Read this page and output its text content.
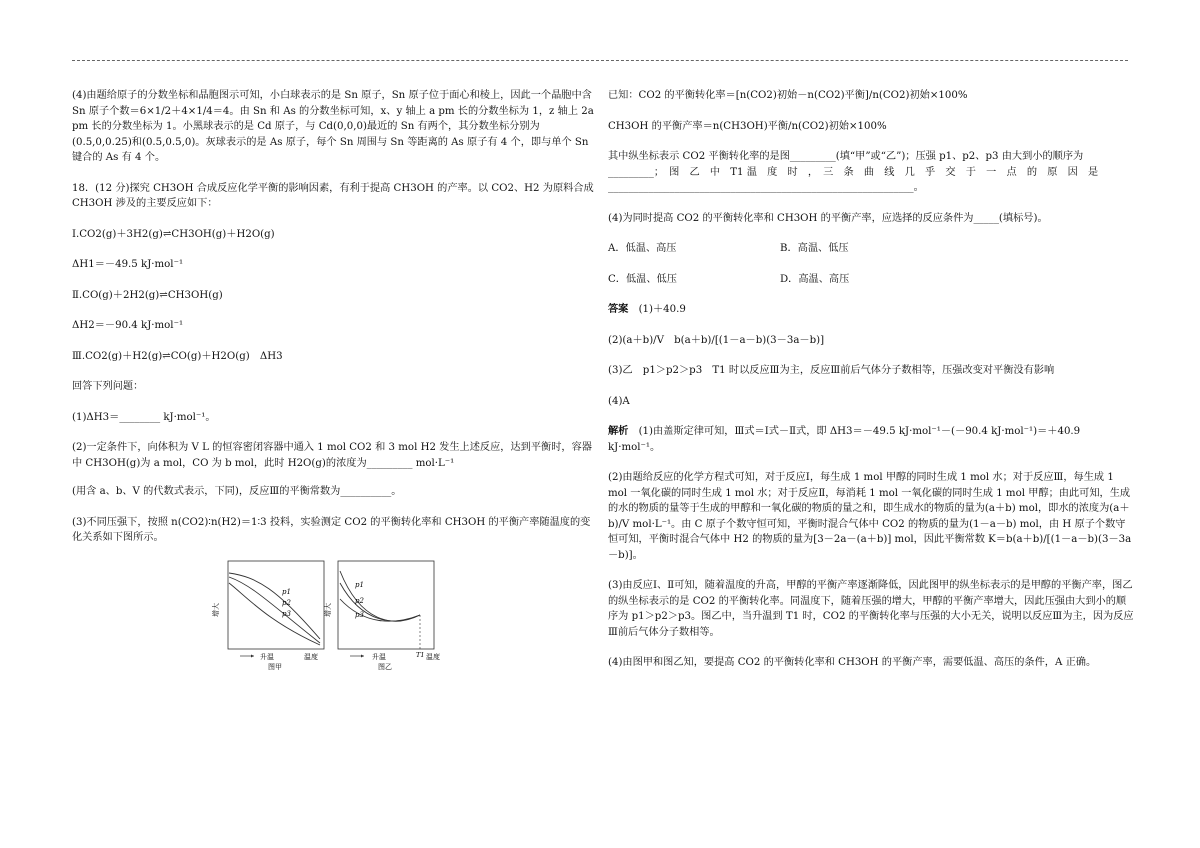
(4)由题给原子的分数坐标和晶胞图示可知，小白球表示的是 Sn 原子，Sn 原子位于面心和棱上，因此一个晶胞中含 Sn 原子个数＝6×1/2＋4×1/4＝4。由 Sn 和 As 的分数坐标可知，x、y 轴上 a pm 长的分数坐标为 1，z 轴上 2a pm 长的分数坐标为 1。小黑球表示的是 Cd 原子，与 Cd(0,0,0)最近的 Sn 有两个，其分数坐标分别为(0.5,0,0.25)和(0.5,0.5,0)。灰球表示的是 As 原子，每个 Sn 周围与 Sn 等距离的 As 原子有 4 个，即与单个 Sn 键合的 As 有 4 个。

18．(12 分)探究 CH3OH 合成反应化学平衡的影响因素，有利于提高 CH3OH 的产率。以 CO2、H2 为原料合成 CH3OH 涉及的主要反应如下：

Ⅰ.CO2(g)＋3H2(g)⇌CH3OH(g)＋H2O(g)

ΔH1＝－49.5 kJ·mol⁻¹

Ⅱ.CO(g)＋2H2(g)⇌CH3OH(g)

ΔH2＝－90.4 kJ·mol⁻¹

Ⅲ.CO2(g)＋H2(g)⇌CO(g)＋H2O(g)　ΔH3

回答下列问题：

(1)ΔH3＝________ kJ·mol⁻¹。

(2)一定条件下，向体积为 V L 的恒容密闭容器中通入 1 mol CO2 和 3 mol H2 发生上述反应，达到平衡时，容器中 CH3OH(g)为 a mol，CO 为 b mol，此时 H2O(g)的浓度为_________ mol·L⁻¹

(用含 a、b、V 的代数式表示，下同)，反应Ⅲ的平衡常数为__________。

(3)不同压强下，按照 n(CO2)∶n(H2)＝1∶3 投料，实验测定 CO2 的平衡转化率和 CH3OH 的平衡产率随温度的变化关系如下图所示。

p1
p2
p3
增大
升温	温度
图甲
p1
p2
p3
增大
升温	T1 温度
图乙

已知：CO2 的平衡转化率＝[n(CO2)初始－n(CO2)平衡]/n(CO2)初始×100%

CH3OH 的平衡产率＝n(CH3OH)平衡/n(CO2)初始×100%

其中纵坐标表示 CO2 平衡转化率的是图_________(填“甲”或“乙”)；压强 p1、p2、p3 由大到小的顺序为_________；　图　乙　中　T1 温　度　时　，　三　条　曲　线　几　乎　交　于　一　点　的　原　因　是　____________________________________________________________。

(4)为同时提高 CO2 的平衡转化率和 CH3OH 的平衡产率，应选择的反应条件为_____(填标号)。

A．低温、高压	B．高温、低压

C．低温、低压	D．高温、高压

答案　 (1)＋40.9

(2)(a＋b)/V　b(a＋b)/[(1－a－b)(3－3a－b)]

(3)乙　p1＞p2＞p3　T1 时以反应Ⅲ为主，反应Ⅲ前后气体分子数相等，压强改变对平衡没有影响

(4)A

解析　 (1)由盖斯定律可知，Ⅲ式＝Ⅰ式－Ⅱ式，即 ΔH3＝－49.5 kJ·mol⁻¹－(－90.4 kJ·mol⁻¹)＝＋40.9 kJ·mol⁻¹。

(2)由题给反应的化学方程式可知，对于反应Ⅰ，每生成 1 mol 甲醇的同时生成 1 mol 水；对于反应Ⅲ，每生成 1 mol 一氧化碳的同时生成 1 mol 水；对于反应Ⅱ，每消耗 1 mol 一氧化碳的同时生成 1 mol 甲醇；由此可知，生成的水的物质的量等于生成的甲醇和一氧化碳的物质的量之和，即生成水的物质的量为(a＋b) mol，即水的浓度为(a＋b)/V mol·L⁻¹。由 C 原子个数守恒可知，平衡时混合气体中 CO2 的物质的量为(1－a－b) mol，由 H 原子个数守恒可知，平衡时混合气体中 H2 的物质的量为[3－2a－(a＋b)] mol，因此平衡常数 K＝b(a＋b)/[(1－a－b)(3－3a－b)]。

(3)由反应Ⅰ、Ⅱ可知，随着温度的升高，甲醇的平衡产率逐渐降低，因此图甲的纵坐标表示的是甲醇的平衡产率，图乙的纵坐标表示的是 CO2 的平衡转化率。同温度下，随着压强的增大，甲醇的平衡产率增大，因此压强由大到小的顺序为 p1＞p2＞p3。图乙中，当升温到 T1 时，CO2 的平衡转化率与压强的大小无关，说明以反应Ⅲ为主，因为反应Ⅲ前后气体分子数相等。

(4)由图甲和图乙知，要提高 CO2 的平衡转化率和 CH3OH 的平衡产率，需要低温、高压的条件，A 正确。
